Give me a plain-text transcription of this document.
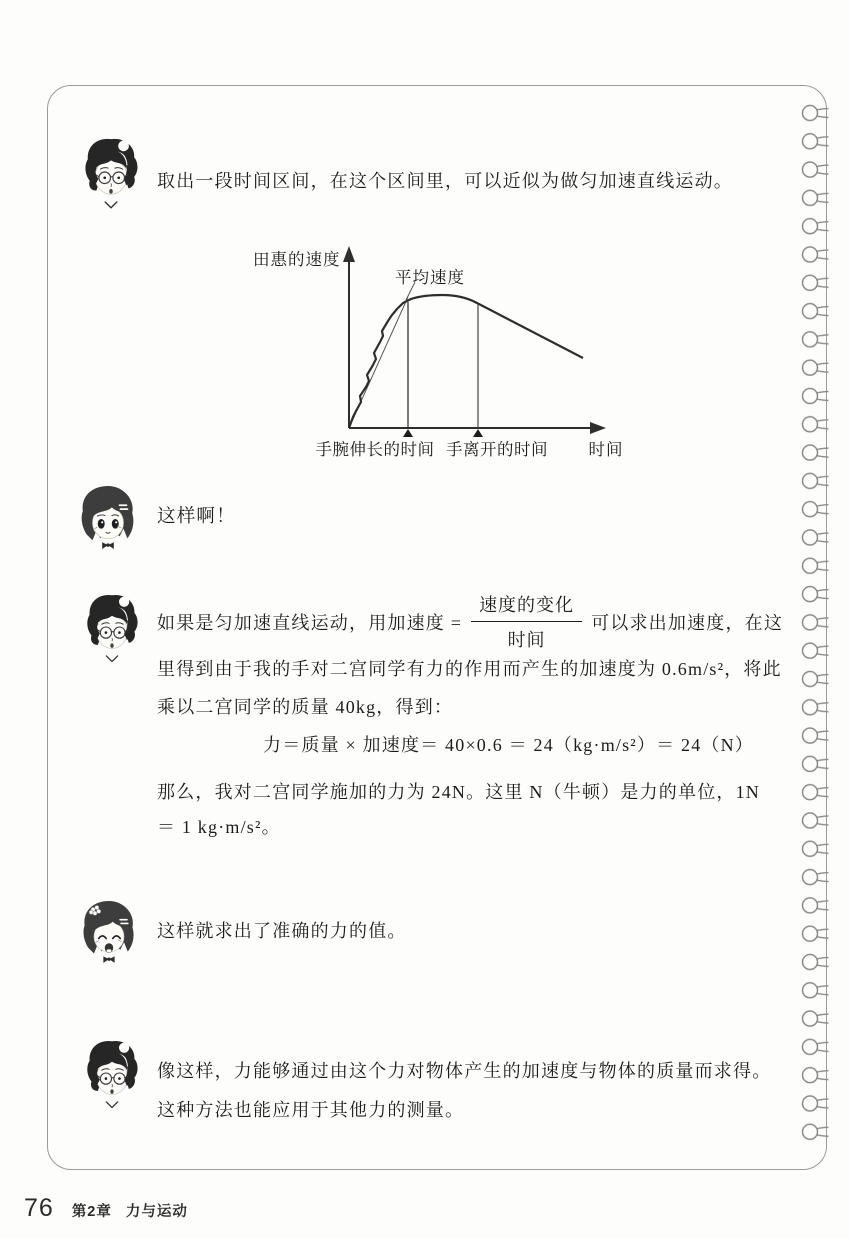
取出一段时间区间，在这个区间里，可以近似为做匀加速直线运动。
田惠的速度
平均速度
手腕伸长的时间 手离开的时间 时间
这样啊！
如果是匀加速直线运动，用加速度 = $\frac{\text{速度的变化}}{\text{时间}}$ 可以求出加速度，在这
里得到由于我的手对二宫同学有力的作用而产生的加速度为 0.6m/s²，将此
乘以二宫同学的质量 40kg，得到：
力＝质量 × 加速度＝ 40×0.6 ＝ 24（kg·m/s²）＝ 24（N）
那么，我对二宫同学施加的力为 24N。这里 N（牛顿）是力的单位，1N
＝ 1 kg·m/s²。
这样就求出了准确的力的值。
像这样，力能够通过由这个力对物体产生的加速度与物体的质量而求得。
这种方法也能应用于其他力的测量。
76 第2章 力与运动
